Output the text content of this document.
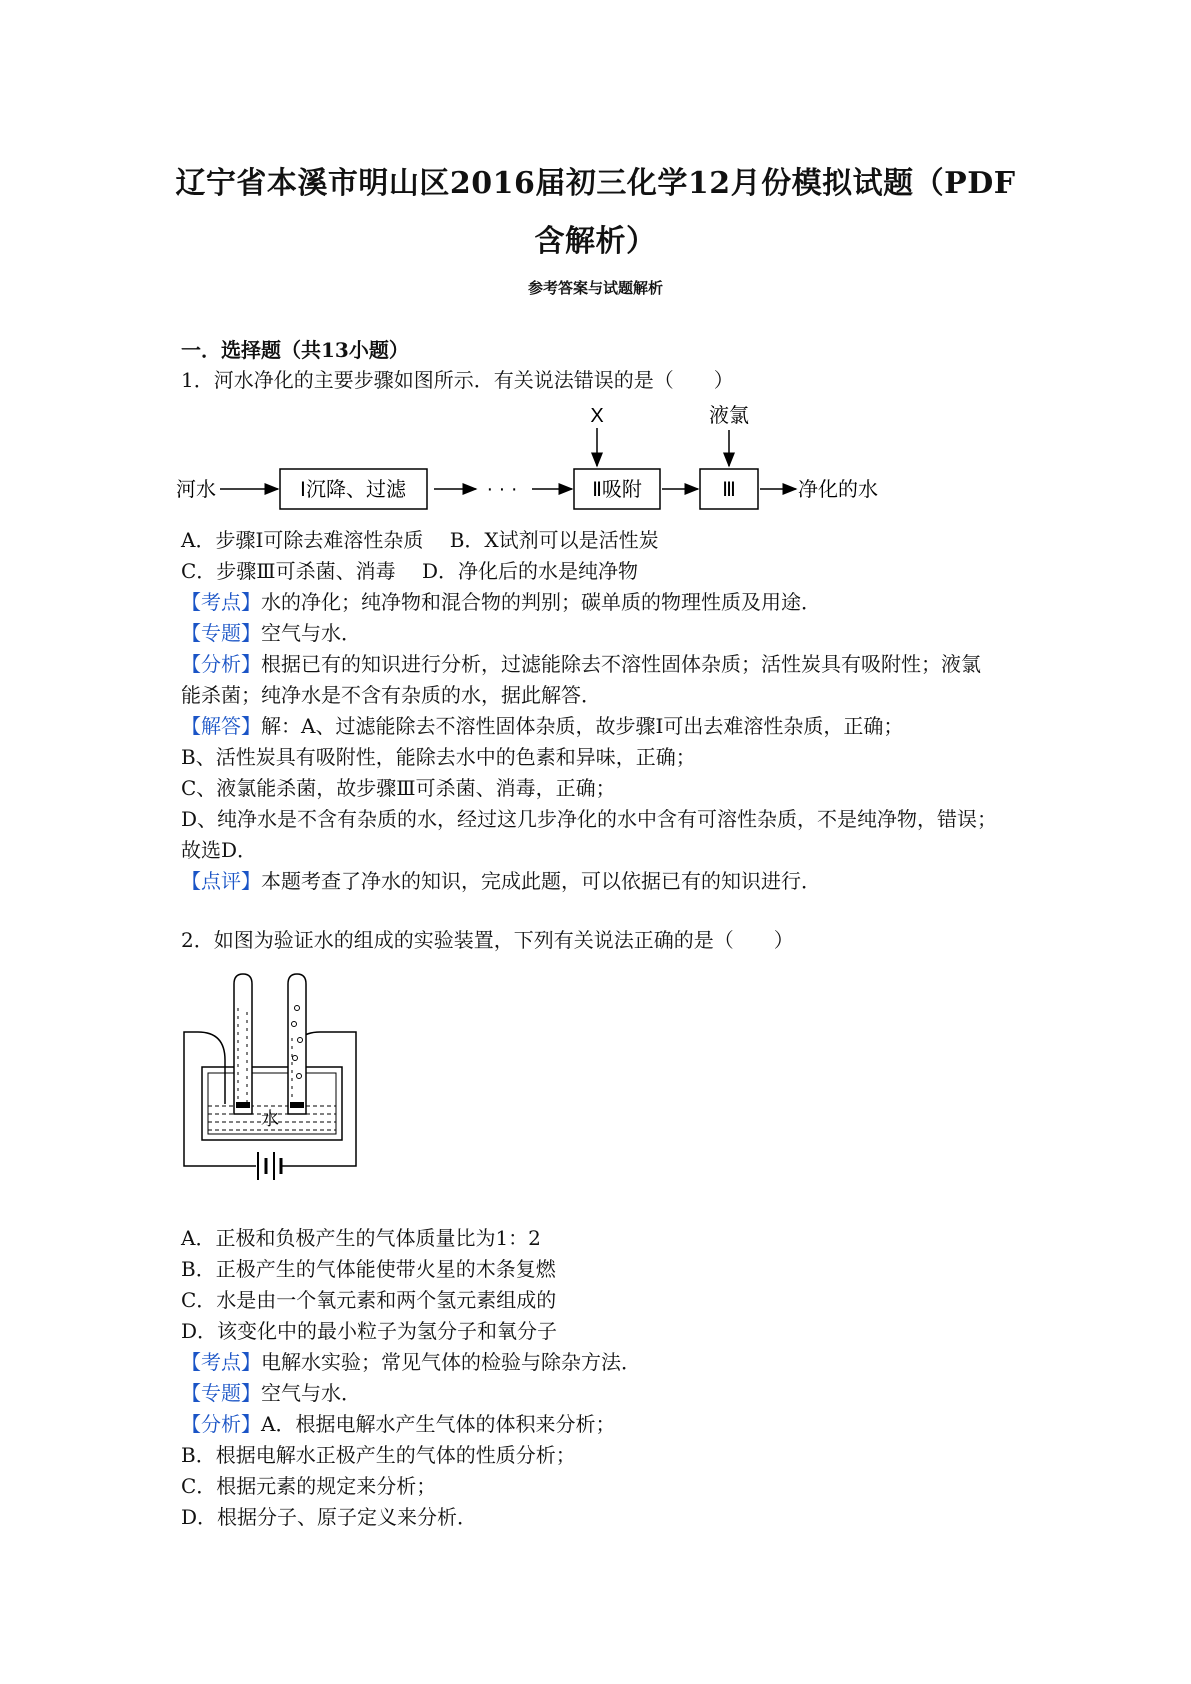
辽宁省本溪市明山区2016届初三化学12月份模拟试题（PDF
含解析）
参考答案与试题解析
一．选择题（共13小题）
1．河水净化的主要步骤如图所示．有关说法错误的是（　　）
河水	Ⅰ沉降、过滤	· · ·
X
Ⅱ吸附
液氯
Ⅲ	净化的水
A．步骤Ⅰ可除去难溶性杂质　 B．X试剂可以是活性炭
C．步骤Ⅲ可杀菌、消毒　 D．净化后的水是纯净物
【考点】水的净化；纯净物和混合物的判别；碳单质的物理性质及用途．
【专题】空气与水．
【分析】根据已有的知识进行分析，过滤能除去不溶性固体杂质；活性炭具有吸附性；液氯
能杀菌；纯净水是不含有杂质的水，据此解答．
【解答】解：A、过滤能除去不溶性固体杂质，故步骤Ⅰ可出去难溶性杂质，正确；
B、活性炭具有吸附性，能除去水中的色素和异味，正确；
C、液氯能杀菌，故步骤Ⅲ可杀菌、消毒，正确；
D、纯净水是不含有杂质的水，经过这几步净化的水中含有可溶性杂质，不是纯净物，错误；
故选D．
【点评】本题考查了净水的知识，完成此题，可以依据已有的知识进行．
2．如图为验证水的组成的实验装置，下列有关说法正确的是（　　）
水
A．正极和负极产生的气体质量比为1：2
B．正极产生的气体能使带火星的木条复燃
C．水是由一个氧元素和两个氢元素组成的
D．该变化中的最小粒子为氢分子和氧分子
【考点】电解水实验；常见气体的检验与除杂方法．
【专题】空气与水．
【分析】A．根据电解水产生气体的体积来分析；
B．根据电解水正极产生的气体的性质分析；
C．根据元素的规定来分析；
D．根据分子、原子定义来分析．
